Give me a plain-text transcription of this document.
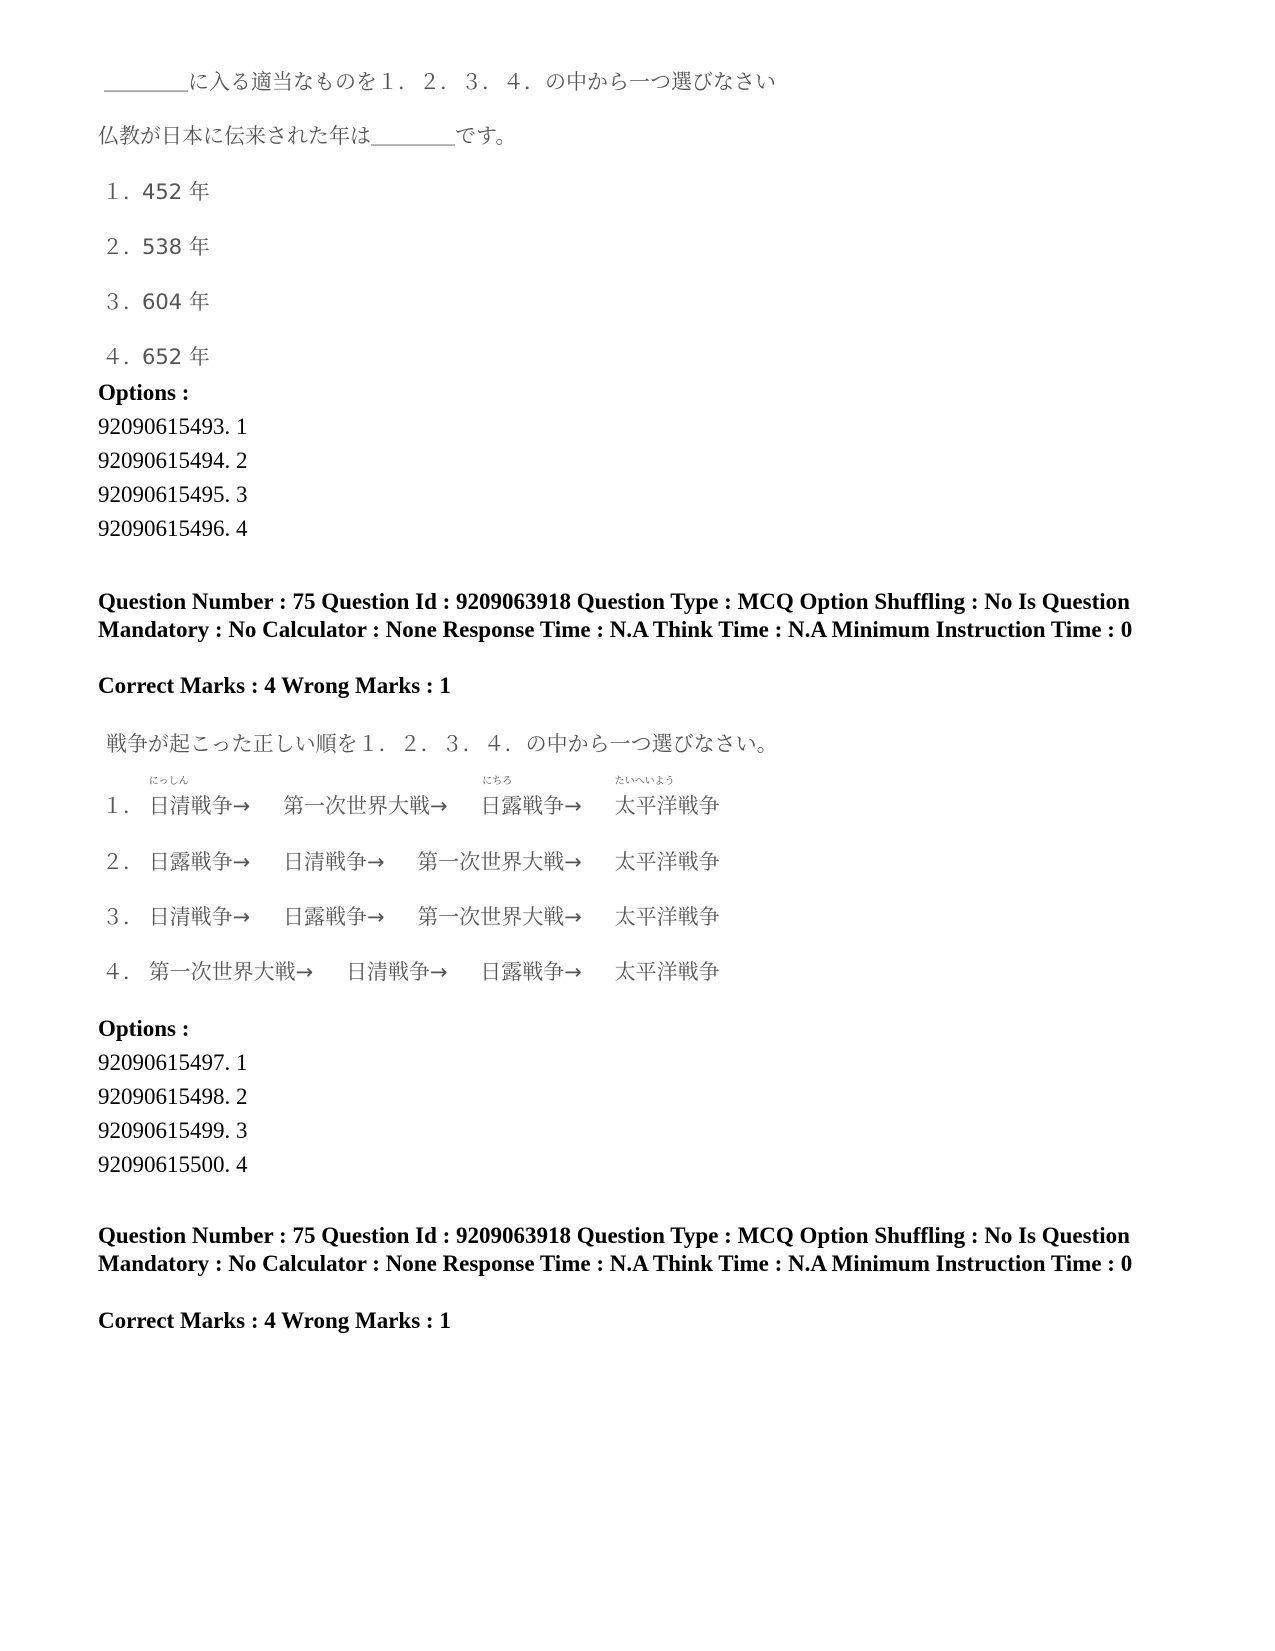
＿＿＿＿に入る適当なものを１．２．３．４．の中から一つ選びなさい
仏教が日本に伝来された年は＿＿＿＿です。
１．452 年
２．538 年
３．604 年
４．652 年
Options :
92090615493. 1
92090615494. 2
92090615495. 3
92090615496. 4
Question Number : 75 Question Id : 9209063918 Question Type : MCQ Option Shuffling : No Is Question Mandatory : No Calculator : None Response Time : N.A Think Time : N.A Minimum Instruction Time : 0
Correct Marks : 4 Wrong Marks : 1
戦争が起こった正しい順を１．２．３．４．の中から一つ選びなさい。
１．
にっしん
日清戦争→ 第一次世界大戦→
にちろ
日露戦争→
たいへいよう
太平洋戦争
２． 日露戦争→ 日清戦争→ 第一次世界大戦→ 太平洋戦争
３． 日清戦争→ 日露戦争→ 第一次世界大戦→ 太平洋戦争
４． 第一次世界大戦→ 日清戦争→ 日露戦争→ 太平洋戦争
Options :
92090615497. 1
92090615498. 2
92090615499. 3
92090615500. 4
Question Number : 75 Question Id : 9209063918 Question Type : MCQ Option Shuffling : No Is Question Mandatory : No Calculator : None Response Time : N.A Think Time : N.A Minimum Instruction Time : 0
Correct Marks : 4 Wrong Marks : 1
